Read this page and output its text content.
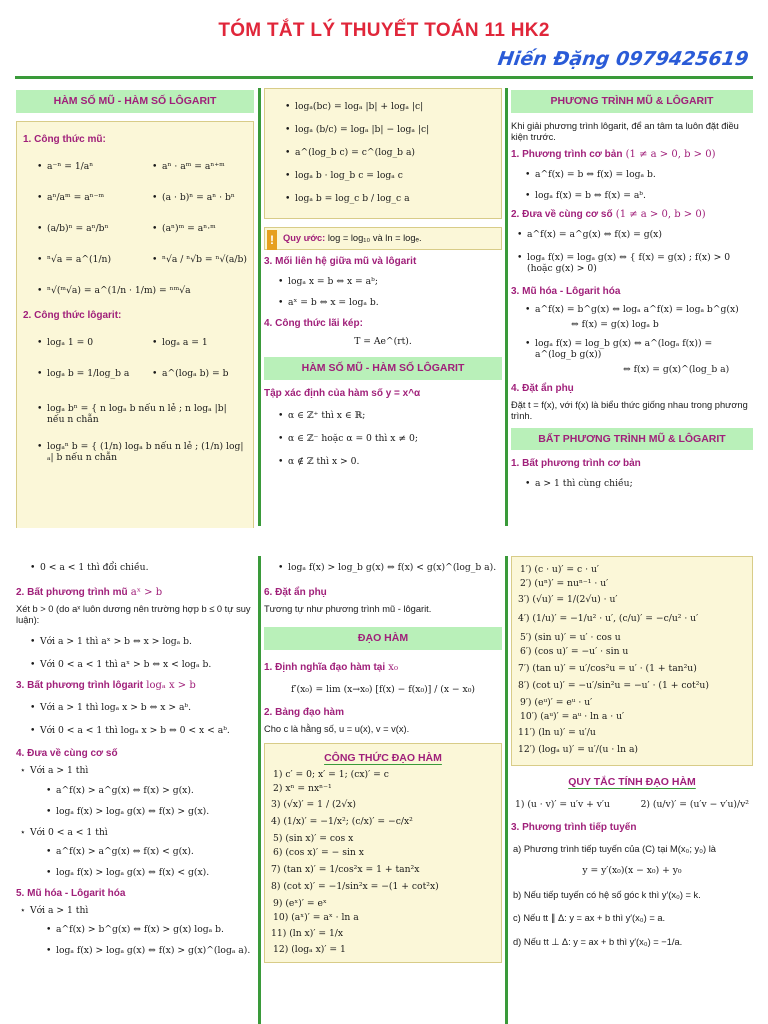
TÓM TẮT LÝ THUYẾT TOÁN 11 HK2
Hiến Đặng 0979425619
HÀM SỐ MŨ - HÀM SỐ LÔGARIT
1. Công thức mũ:
• a⁻ⁿ = 1/aⁿ	• aⁿ · aᵐ = aⁿ⁺ᵐ
• aⁿ/aᵐ = aⁿ⁻ᵐ	• (a · b)ⁿ = aⁿ · bⁿ
• (a/b)ⁿ = aⁿ/bⁿ	• (aⁿ)ᵐ = aⁿ·ᵐ
• ⁿ√a = a^(1/n)	• ⁿ√a / ⁿ√b = ⁿ√(a/b)
• ⁿ√(ᵐ√a) = a^(1/n · 1/m) = ⁿᵐ√a
2. Công thức lôgarit:
• logₐ 1 = 0	• logₐ a = 1
• logₐ b = 1/log_b a	• a^(logₐ b) = b
• logₐ bⁿ = { n logₐ b nếu n lẻ ; n logₐ |b| nếu n chẵn
• logₐⁿ b = { (1/n) logₐ b nếu n lẻ ; (1/n) log|ₐ| b nếu n chẵn
• logₐ(bc) = logₐ |b| + logₐ |c|
• logₐ (b/c) = logₐ |b| − logₐ |c|
• a^(log_b c) = c^(log_b a)
• logₐ b · log_b c = logₐ c
• logₐ b = log_c b / log_c a
! Quy ước: log = log₁₀ và ln = logₑ.
3. Mối liên hệ giữa mũ và lôgarit
• logₐ x = b ⇔ x = aᵇ;
• aˣ = b ⇔ x = logₐ b.
4. Công thức lãi kép:
T = Ae^(rt).
HÀM SỐ MŨ - HÀM SỐ LÔGARIT
Tập xác định của hàm số y = x^α
• α ∈ ℤ⁺ thì x ∈ ℝ;
• α ∈ ℤ⁻ hoặc α = 0 thì x ≠ 0;
• α ∉ ℤ thì x > 0.
PHƯƠNG TRÌNH MŨ & LÔGARIT
Khi giải phương trình lôgarit, để an tâm ta luôn đặt điều kiện trước.
1. Phương trình cơ bản (1 ≠ a > 0, b > 0)
• a^f(x) = b ⇔ f(x) = logₐ b.
• logₐ f(x) = b ⇔ f(x) = aᵇ.
2. Đưa về cùng cơ số (1 ≠ a > 0, b > 0)
• a^f(x) = a^g(x) ⇔ f(x) = g(x)
• logₐ f(x) = logₐ g(x) ⇔ { f(x) = g(x) ; f(x) > 0 (hoặc g(x) > 0)
3. Mũ hóa - Lôgarit hóa
• a^f(x) = b^g(x) ⇔ logₐ a^f(x) = logₐ b^g(x)
⇔ f(x) = g(x) logₐ b
• logₐ f(x) = log_b g(x) ⇔ a^(logₐ f(x)) = a^(log_b g(x))
⇔ f(x) = g(x)^(log_b a)
4. Đặt ẩn phụ
Đặt t = f(x), với f(x) là biểu thức giống nhau trong phương trình.
BẤT PHƯƠNG TRÌNH MŨ & LÔGARIT
1. Bất phương trình cơ bản
• a > 1 thì cùng chiều;
• 0 < a < 1 thì đổi chiều.
2. Bất phương trình mũ aˣ > b
Xét b > 0 (do aˣ luôn dương nên trường hợp b ≤ 0 tự suy luận):
• Với a > 1 thì aˣ > b ⇔ x > logₐ b.
• Với 0 < a < 1 thì aˣ > b ⇔ x < logₐ b.
3. Bất phương trình lôgarit logₐ x > b
• Với a > 1 thì logₐ x > b ⇔ x > aᵇ.
• Với 0 < a < 1 thì logₐ x > b ⇔ 0 < x < aᵇ.
4. Đưa về cùng cơ số
⋆ Với a > 1 thì
• a^f(x) > a^g(x) ⇔ f(x) > g(x).
• logₐ f(x) > logₐ g(x) ⇔ f(x) > g(x).
⋆ Với 0 < a < 1 thì
• a^f(x) > a^g(x) ⇔ f(x) < g(x).
• logₐ f(x) > logₐ g(x) ⇔ f(x) < g(x).
5. Mũ hóa - Lôgarit hóa
⋆ Với a > 1 thì
• a^f(x) > b^g(x) ⇔ f(x) > g(x) logₐ b.
• logₐ f(x) > logₐ g(x) ⇔ f(x) > g(x)^(logₐ a).
• logₐ f(x) > log_b g(x) ⇔ f(x) < g(x)^(log_b a).
6. Đặt ẩn phụ
Tương tự như phương trình mũ - lôgarit.
ĐẠO HÀM
1. Định nghĩa đạo hàm tại x₀
f′(x₀) = lim (x→x₀) [f(x) − f(x₀)] / (x − x₀)
2. Bảng đạo hàm
Cho c là hằng số, u = u(x), v = v(x).
CÔNG THỨC ĐẠO HÀM
1) c′ = 0; x′ = 1; (cx)′ = c
2) xⁿ = nxⁿ⁻¹
3) (√x)′ = 1 / (2√x)
4) (1/x)′ = −1/x²; (c/x)′ = −c/x²
5) (sin x)′ = cos x
6) (cos x)′ = − sin x
7) (tan x)′ = 1/cos²x = 1 + tan²x
8) (cot x)′ = −1/sin²x = −(1 + cot²x)
9) (eˣ)′ = eˣ
10) (aˣ)′ = aˣ · ln a
11) (ln x)′ = 1/x
12) (logₐ x)′ = 1
1′) (c · u)′ = c · u′
2′) (uⁿ)′ = nuⁿ⁻¹ · u′
3′) (√u)′ = 1/(2√u) · u′
4′) (1/u)′ = −1/u² · u′, (c/u)′ = −c/u² · u′
5′) (sin u)′ = u′ · cos u
6′) (cos u)′ = −u′ · sin u
7′) (tan u)′ = u′/cos²u = u′ · (1 + tan²u)
8′) (cot u)′ = −u′/sin²u = −u′ · (1 + cot²u)
9′) (eᵘ)′ = eᵘ · u′
10′) (aᵘ)′ = aᵘ · ln a · u′
11′) (ln u)′ = u′/u
12′) (logₐ u)′ = u′/(u · ln a)
QUY TẮC TÍNH ĐẠO HÀM
1) (u · v)′ = u′v + v′u	2) (u/v)′ = (u′v − v′u)/v²
3. Phương trình tiếp tuyến
a) Phương trình tiếp tuyến của (C) tại M(x₀; y₀) là
y = y′(x₀)(x − x₀) + y₀
b) Nếu tiếp tuyến có hệ số góc k thì y′(x₀) = k.
c) Nếu tt ∥ Δ: y = ax + b thì y′(x₀) = a.
d) Nếu tt ⊥ Δ: y = ax + b thì y′(x₀) = −1/a.
